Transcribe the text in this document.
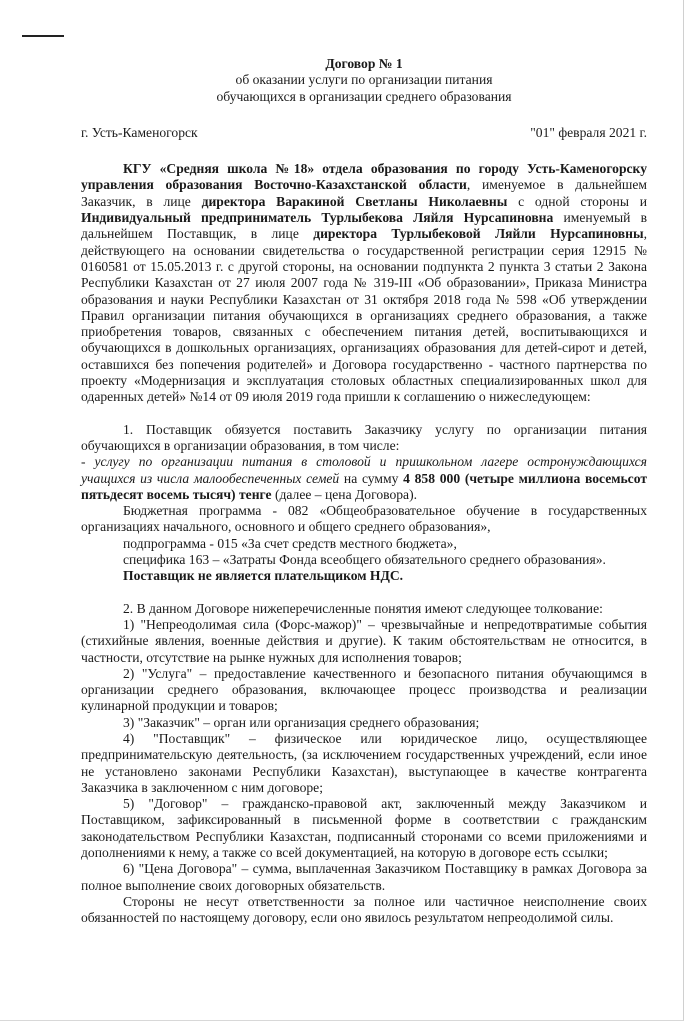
Договор № 1

об оказании услуги по организации питания

обучающихся в организации среднего образования

г. Усть-Каменогорск	"01" февраля 2021 г.

КГУ «Средняя школа №18» отдела образования по городу Усть-Каменогорску управления образования Восточно-Казахстанской области, именуемое в дальнейшем Заказчик, в лице директора Варакиной Светланы Николаевны с одной стороны и Индивидуальный предприниматель Турлыбекова Ляйля Нурсапиновна именуемый в дальнейшем Поставщик, в лице директора Турлыбековой Ляйли Нурсапиновны, действующего на основании свидетельства о государственной регистрации серия 12915 № 0160581 от 15.05.2013 г. с другой стороны, на основании подпункта 2 пункта 3 статьи 2 Закона Республики Казахстан от 27 июля 2007 года № 319-III «Об образовании», Приказа Министра образования и науки Республики Казахстан от 31 октября 2018 года № 598 «Об утверждении Правил организации питания обучающихся в организациях среднего образования, а также приобретения товаров, связанных с обеспечением питания детей, воспитывающихся и обучающихся в дошкольных организациях, организациях образования для детей-сирот и детей, оставшихся без попечения родителей» и Договора государственно - частного партнерства по проекту «Модернизация и эксплуатация столовых областных специализированных школ для одаренных детей» №14 от 09 июля 2019 года пришли к соглашению о нижеследующем:

1. Поставщик обязуется поставить Заказчику услугу по организации питания обучающихся в организации образования, в том числе:

- услугу по организации питания в столовой и пришкольном лагере остронуждающихся учащихся из числа малообеспеченных семей на сумму 4 858 000 (четыре миллиона восемьсот пятьдесят восемь тысяч) тенге (далее – цена Договора).

Бюджетная программа - 082 «Общеобразовательное обучение в государственных организациях начального, основного и общего среднего образования»,

подпрограмма - 015 «За счет средств местного бюджета»,

специфика 163 – «Затраты Фонда всеобщего обязательного среднего образования».

Поставщик не является плательщиком НДС.

2. В данном Договоре нижеперечисленные понятия имеют следующее толкование:

1) "Непреодолимая сила (Форс-мажор)" – чрезвычайные и непредотвратимые события (стихийные явления, военные действия и другие). К таким обстоятельствам не относится, в частности, отсутствие на рынке нужных для исполнения товаров;

2) "Услуга" – предоставление качественного и безопасного питания обучающимся в организации среднего образования, включающее процесс производства и реализации кулинарной продукции и товаров;

3) "Заказчик" – орган или организация среднего образования;

4) "Поставщик" – физическое или юридическое лицо, осуществляющее предпринимательскую деятельность, (за исключением государственных учреждений, если иное не установлено законами Республики Казахстан), выступающее в качестве контрагента Заказчика в заключенном с ним договоре;

5) "Договор" – гражданско-правовой акт, заключенный между Заказчиком и Поставщиком, зафиксированный в письменной форме в соответствии с гражданским законодательством Республики Казахстан, подписанный сторонами со всеми приложениями и дополнениями к нему, а также со всей документацией, на которую в договоре есть ссылки;

6) "Цена Договора" – сумма, выплаченная Заказчиком Поставщику в рамках Договора за полное выполнение своих договорных обязательств.

Стороны не несут ответственности за полное или частичное неисполнение своих обязанностей по настоящему договору, если оно явилось результатом непреодолимой силы.
